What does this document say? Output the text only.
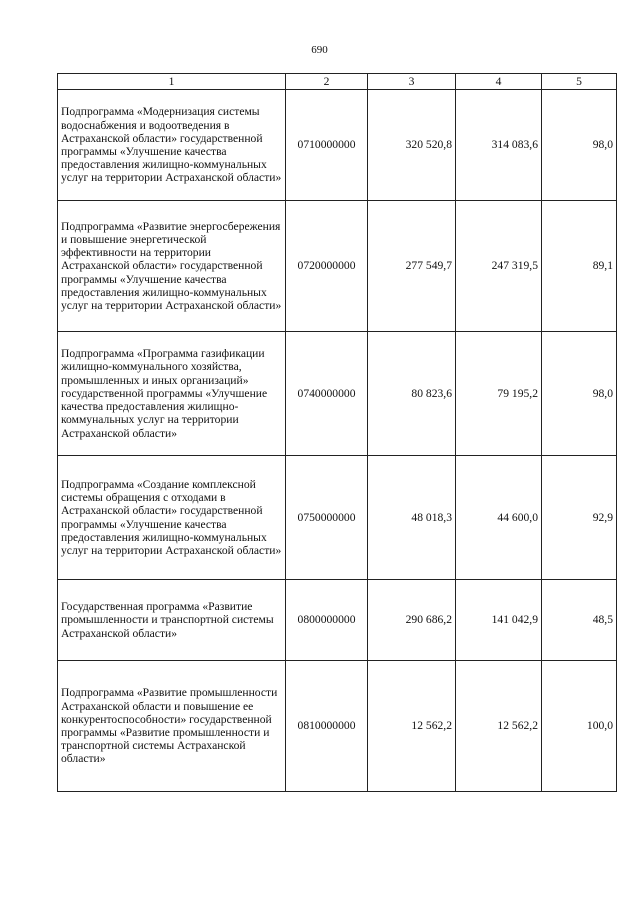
690
1	2	3	4	5
Подпрограмма «Модернизация системы водоснабжения и водоотведения в Астраханской области» государственной программы «Улучшение качества предоставления жилищно-коммунальных услуг на территории Астраханской области»	0710000000	320 520,8	314 083,6	98,0
Подпрограмма «Развитие энергосбережения и повышение энергетической эффективности на территории Астраханской области» государственной программы «Улучшение качества предоставления жилищно-коммунальных услуг на территории Астраханской области»	0720000000	277 549,7	247 319,5	89,1
Подпрограмма «Программа газификации жилищно-коммунального хозяйства, промышленных и иных организаций» государственной программы «Улучшение качества предоставления жилищно-коммунальных услуг на территории Астраханской области»	0740000000	80 823,6	79 195,2	98,0
Подпрограмма «Создание комплексной системы обращения с отходами в Астраханской области» государственной программы «Улучшение качества предоставления жилищно-коммунальных услуг на территории Астраханской области»	0750000000	48 018,3	44 600,0	92,9
Государственная программа «Развитие промышленности и транспортной системы Астраханской области»	0800000000	290 686,2	141 042,9	48,5
Подпрограмма «Развитие промышленности Астраханской области и повышение ее конкурентоспособности» государственной программы «Развитие промышленности и транспортной системы Астраханской области»	0810000000	12 562,2	12 562,2	100,0
